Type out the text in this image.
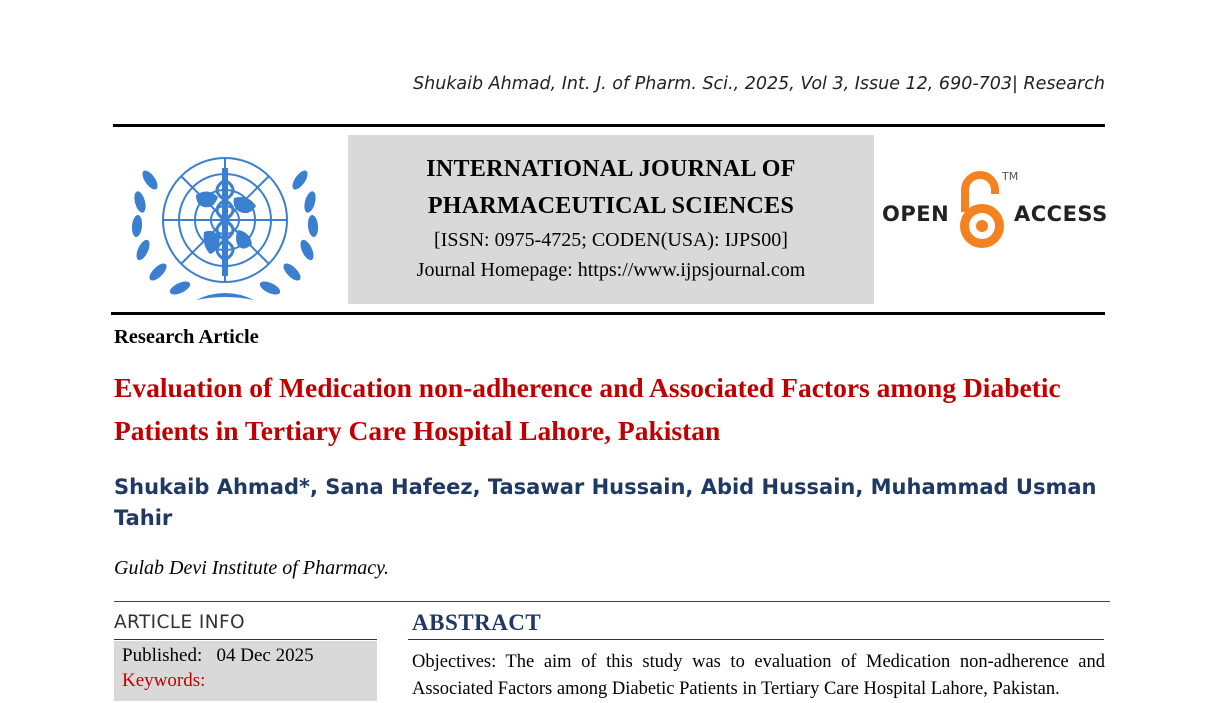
Shukaib Ahmad, Int. J. of Pharm. Sci., 2025, Vol 3, Issue 12, 690-703| Research
INTERNATIONAL JOURNAL OF
PHARMACEUTICAL SCIENCES
[ISSN: 0975-4725; CODEN(USA): IJPS00]
Journal Homepage: https://www.ijpsjournal.com
OPEN
TM
ACCESS
Research Article
Evaluation of Medication non-adherence and Associated Factors among Diabetic Patients in Tertiary Care Hospital Lahore, Pakistan
Shukaib Ahmad*, Sana Hafeez, Tasawar Hussain, Abid Hussain, Muhammad Usman Tahir
Gulab Devi Institute of Pharmacy.
ARTICLE INFO
Published: 04 Dec 2025
Keywords:
ABSTRACT
Objectives: The aim of this study was to evaluation of Medication non-adherence and Associated Factors among Diabetic Patients in Tertiary Care Hospital Lahore, Pakistan.
